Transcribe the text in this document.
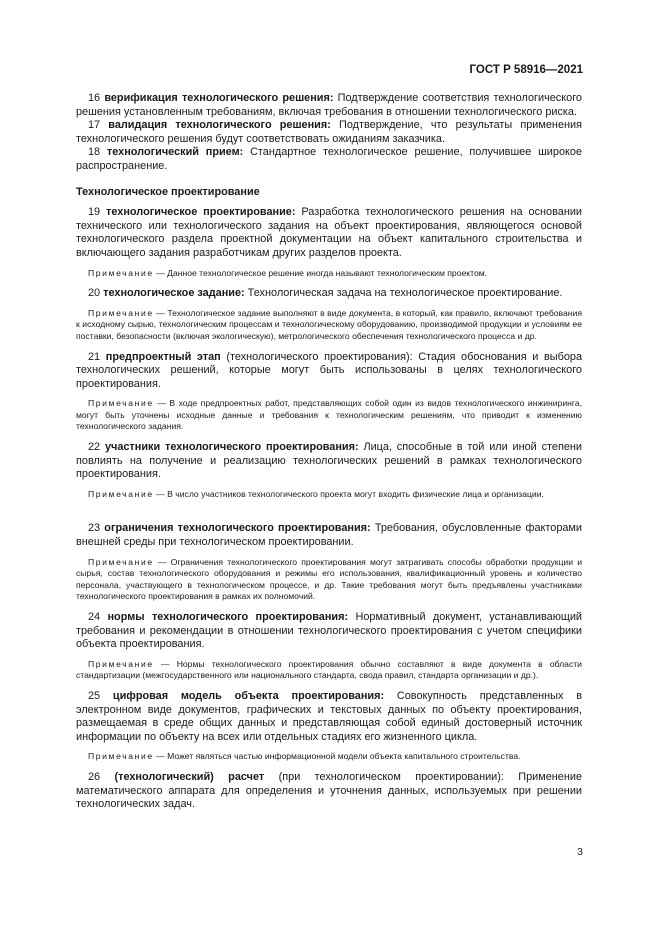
ГОСТ Р 58916—2021

16 верификация технологического решения: Подтверждение соответствия технологического решения установленным требованиям, включая требования в отношении технологического риска.

17 валидация технологического решения: Подтверждение, что результаты применения технологического решения будут соответствовать ожиданиям заказчика.

18 технологический прием: Стандартное технологическое решение, получившее широкое распространение.

Технологическое проектирование

19 технологическое проектирование: Разработка технологического решения на основании технического или технологического задания на объект проектирования, являющегося основой технологического раздела проектной документации на объект капитального строительства и включающего задания разработчикам других разделов проекта.

Примечание — Данное технологическое решение иногда называют технологическим проектом.

20 технологическое задание: Технологическая задача на технологическое проектирование.

Примечание — Технологическое задание выполняют в виде документа, в который, как правило, включают требования к исходному сырью, технологическим процессам и технологическому оборудованию, производимой продукции и условиям ее поставки, безопасности (включая экологическую), метрологического обеспечения технологического процесса и др.

21 предпроектный этап (технологического проектирования): Стадия обоснования и выбора технологических решений, которые могут быть использованы в целях технологического проектирования.

Примечание — В ходе предпроектных работ, представляющих собой один из видов технологического инжиниринга, могут быть уточнены исходные данные и требования к технологическим решениям, что приводит к изменению технологического задания.

22 участники технологического проектирования: Лица, способные в той или иной степени повлиять на получение и реализацию технологических решений в рамках технологического проектирования.

Примечание — В число участников технологического проекта могут входить физические лица и организации.

23 ограничения технологического проектирования: Требования, обусловленные факторами внешней среды при технологическом проектировании.

Примечание — Ограничения технологического проектирования могут затрагивать способы обработки продукции и сырья, состав технологического оборудования и режимы его использования, квалификационный уровень и количество персонала, участвующего в технологическом процессе, и др. Такие требования могут быть предъявлены участниками технологического проектирования в рамках их полномочий.

24 нормы технологического проектирования: Нормативный документ, устанавливающий требования и рекомендации в отношении технологического проектирования с учетом специфики объекта проектирования.

Примечание — Нормы технологического проектирования обычно составляют в виде документа в области стандартизации (межгосударственного или национального стандарта, свода правил, стандарта организации и др.).

25 цифровая модель объекта проектирования: Совокупность представленных в электронном виде документов, графических и текстовых данных по объекту проектирования, размещаемая в среде общих данных и представляющая собой единый достоверный источник информации по объекту на всех или отдельных стадиях его жизненного цикла.

Примечание — Может являться частью информационной модели объекта капитального строительства.

26 (технологический) расчет (при технологическом проектировании): Применение математического аппарата для определения и уточнения данных, используемых при решении технологических задач.

3
